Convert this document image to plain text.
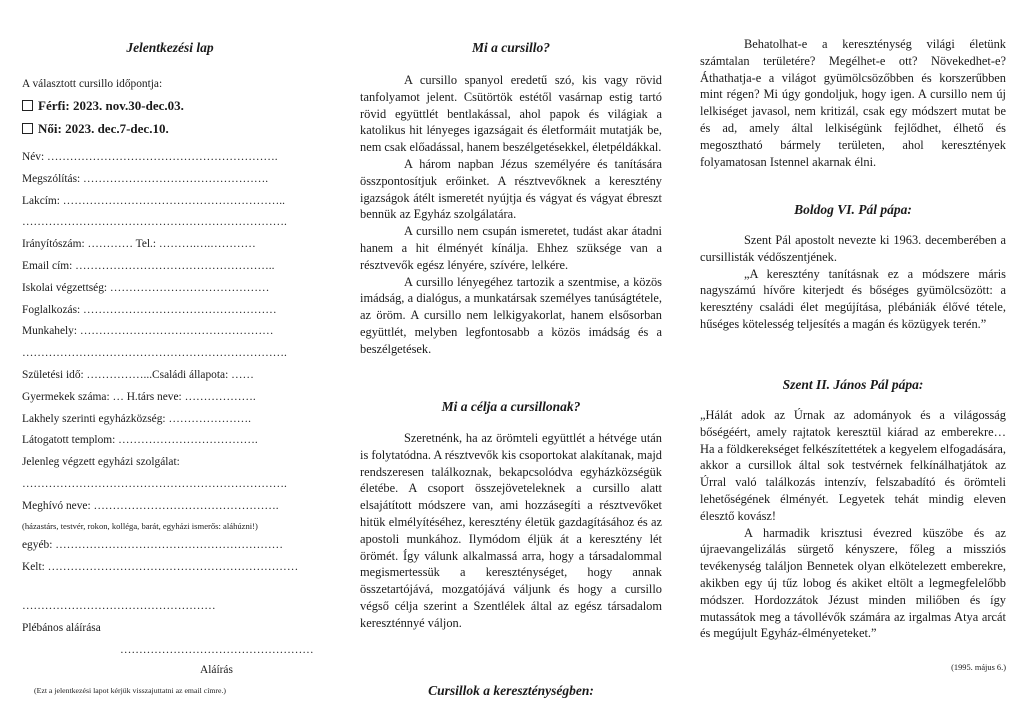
Jelentkezési lap
A választott cursillo időpontja:
Férfi: 2023. nov.30-dec.03.
Női: 2023. dec.7-dec.10.
Név: …………………………………………………….
Megszólítás: ………………………………………….
Lakcím: …………………………………………………..
…………………………………………………………….
Irányítószám: ………… Tel.: ……….….…………
Email cím: ……………………………………………..
Iskolai végzettség: ……………………………………
Foglalkozás: ……………………………………………
Munkahely: ……………………………………………
…………………………………………………………….
Születési idő: ……………...Családi állapota: ……
Gyermekek száma: … H.társ neve: ……………….
Lakhely szerinti egyházközség: ………………….
Látogatott templom: ……………………………….
Jelenleg végzett egyházi szolgálat:
…………………………………………………………….
Meghívó neve: ………………………………………….
(házastárs, testvér, rokon, kolléga, barát, egyházi ismerős: aláhúzni!)
egyéb: ……………………………………………………
Kelt: …………………………………………………………
……………………………………………
Plébános aláírása
……………………………………………
Aláírás
(Ezt a jelentkezési lapot kérjük visszajuttatni az email címre.)
Mi a cursillo?

A cursillo spanyol eredetű szó, kis vagy rövid tanfolyamot jelent. Csütörtök estétől vasárnap estig tartó rövid együttlét bentlakással, ahol papok és világiak a katolikus hit lényeges igazságait és életformáit mutatják be, nem csak előadással, hanem beszélgetésekkel, életpéldákkal.

A három napban Jézus személyére és tanítására összpontosítjuk erőinket. A résztvevőknek a keresztény igazságok átélt ismeretét nyújtja és vágyat és vágyat ébreszt bennük az Egyház szolgálatára.

A cursillo nem csupán ismeretet, tudást akar átadni hanem a hit élményét kínálja. Ehhez szüksége van a résztvevők egész lényére, szívére, lelkére.

A cursillo lényegéhez tartozik a szentmise, a közös imádság, a dialógus, a munkatársak személyes tanúságtétele, az öröm. A cursillo nem lelkigyakorlat, hanem elsősorban együttlét, melyben legfontosabb a közös imádság és a beszélgetések.

Mi a célja a cursillonak?

Szeretnénk, ha az örömteli együttlét a hétvége után is folytatódna. A résztvevők kis csoportokat alakítanak, majd rendszeresen találkoznak, bekapcsolódva egyházközségük életébe. A csoport összejöveteleknek a cursillo alatt elsajátított módszere van, ami hozzásegíti a résztvevőket hitük elmélyítéséhez, keresztény életük gazdagításához és az apostoli munkához. Ilymódom éljük át a keresztény lét örömét. Így válunk alkalmassá arra, hogy a társadalommal megismertessük a kereszténységet, hogy annak összetartójává, mozgatójává váljunk és hogy a cursillo végső célja szerint a Szentlélek által az egész társadalom kereszténnyé váljon.

Cursillok a kereszténységben:

Behatolhat-e a kereszténység világi életünk számtalan területére? Megélhet-e ott? Növekedhet-e? Áthathatja-e a világot gyümölcsözőbben és korszerűbben mint régen? Mi úgy gondoljuk, hogy igen. A cursillo nem új lelkiséget javasol, nem kritizál, csak egy módszert mutat be és ad, amely által lelkiségünk fejlődhet, élhető és megosztható bármely területen, ahol keresztények folyamatosan Istennel akarnak élni.

Boldog VI. Pál pápa:

Szent Pál apostolt nevezte ki 1963. decemberében a cursillisták védőszentjének.

„A keresztény tanításnak ez a módszere máris nagyszámú hívőre kiterjedt és bőséges gyümölcsözött: a keresztény családi élet megújítása, plébániák élővé tétele, hűséges kötelesség teljesítés a magán és közügyek terén.”

Szent II. János Pál pápa:

„Hálát adok az Úrnak az adományok és a világosság bőségéért, amely rajtatok keresztül kiárad az emberekre… Ha a földkerekséget felkészítettétek a kegyelem elfogadására, akkor a cursillok által sok testvérnek felkínálhatjátok az Úrral való találkozás intenzív, felszabadító és örömteli lehetőségének élményét. Legyetek tehát mindig eleven élesztő kovász!

A harmadik krisztusi évezred küszöbe és az újraevangelizálás sürgető kényszere, főleg a missziós tevékenység találjon Bennetek olyan elkötelezett emberekre, akikben egy új tűz lobog és akiket eltölt a legmegfelelőbb módszer. Hordozzátok Jézust minden miliőben és így mutassátok meg a távollévők számára az irgalmas Atya arcát és megújult Egyház-élményeteket.”

(1995. május 6.)
